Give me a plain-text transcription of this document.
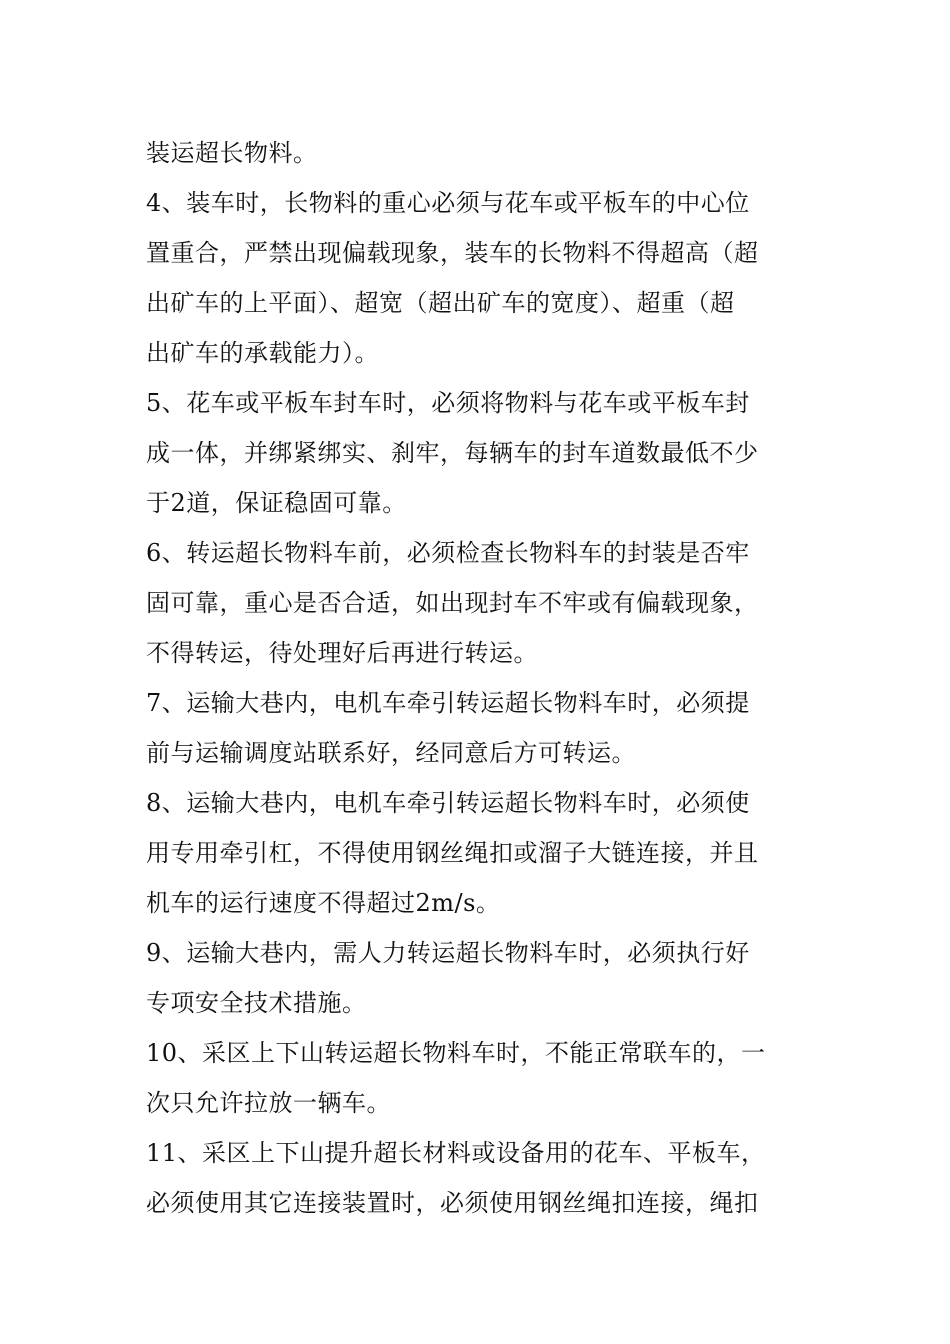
装运超长物料。
4、装车时，长物料的重心必须与花车或平板车的中心位
置重合，严禁出现偏载现象，装车的长物料不得超高（超
出矿车的上平面）、超宽（超出矿车的宽度）、超重（超
出矿车的承载能力）。
5、花车或平板车封车时，必须将物料与花车或平板车封
成一体，并绑紧绑实、刹牢，每辆车的封车道数最低不少
于2道，保证稳固可靠。
6、转运超长物料车前，必须检查长物料车的封装是否牢
固可靠，重心是否合适，如出现封车不牢或有偏载现象，
不得转运，待处理好后再进行转运。
7、运输大巷内，电机车牵引转运超长物料车时，必须提
前与运输调度站联系好，经同意后方可转运。
8、运输大巷内，电机车牵引转运超长物料车时，必须使
用专用牵引杠，不得使用钢丝绳扣或溜子大链连接，并且
机车的运行速度不得超过2m/s。
9、运输大巷内，需人力转运超长物料车时，必须执行好
专项安全技术措施。
10、采区上下山转运超长物料车时，不能正常联车的，一
次只允许拉放一辆车。
11、采区上下山提升超长材料或设备用的花车、平板车，
必须使用其它连接装置时，必须使用钢丝绳扣连接，绳扣
